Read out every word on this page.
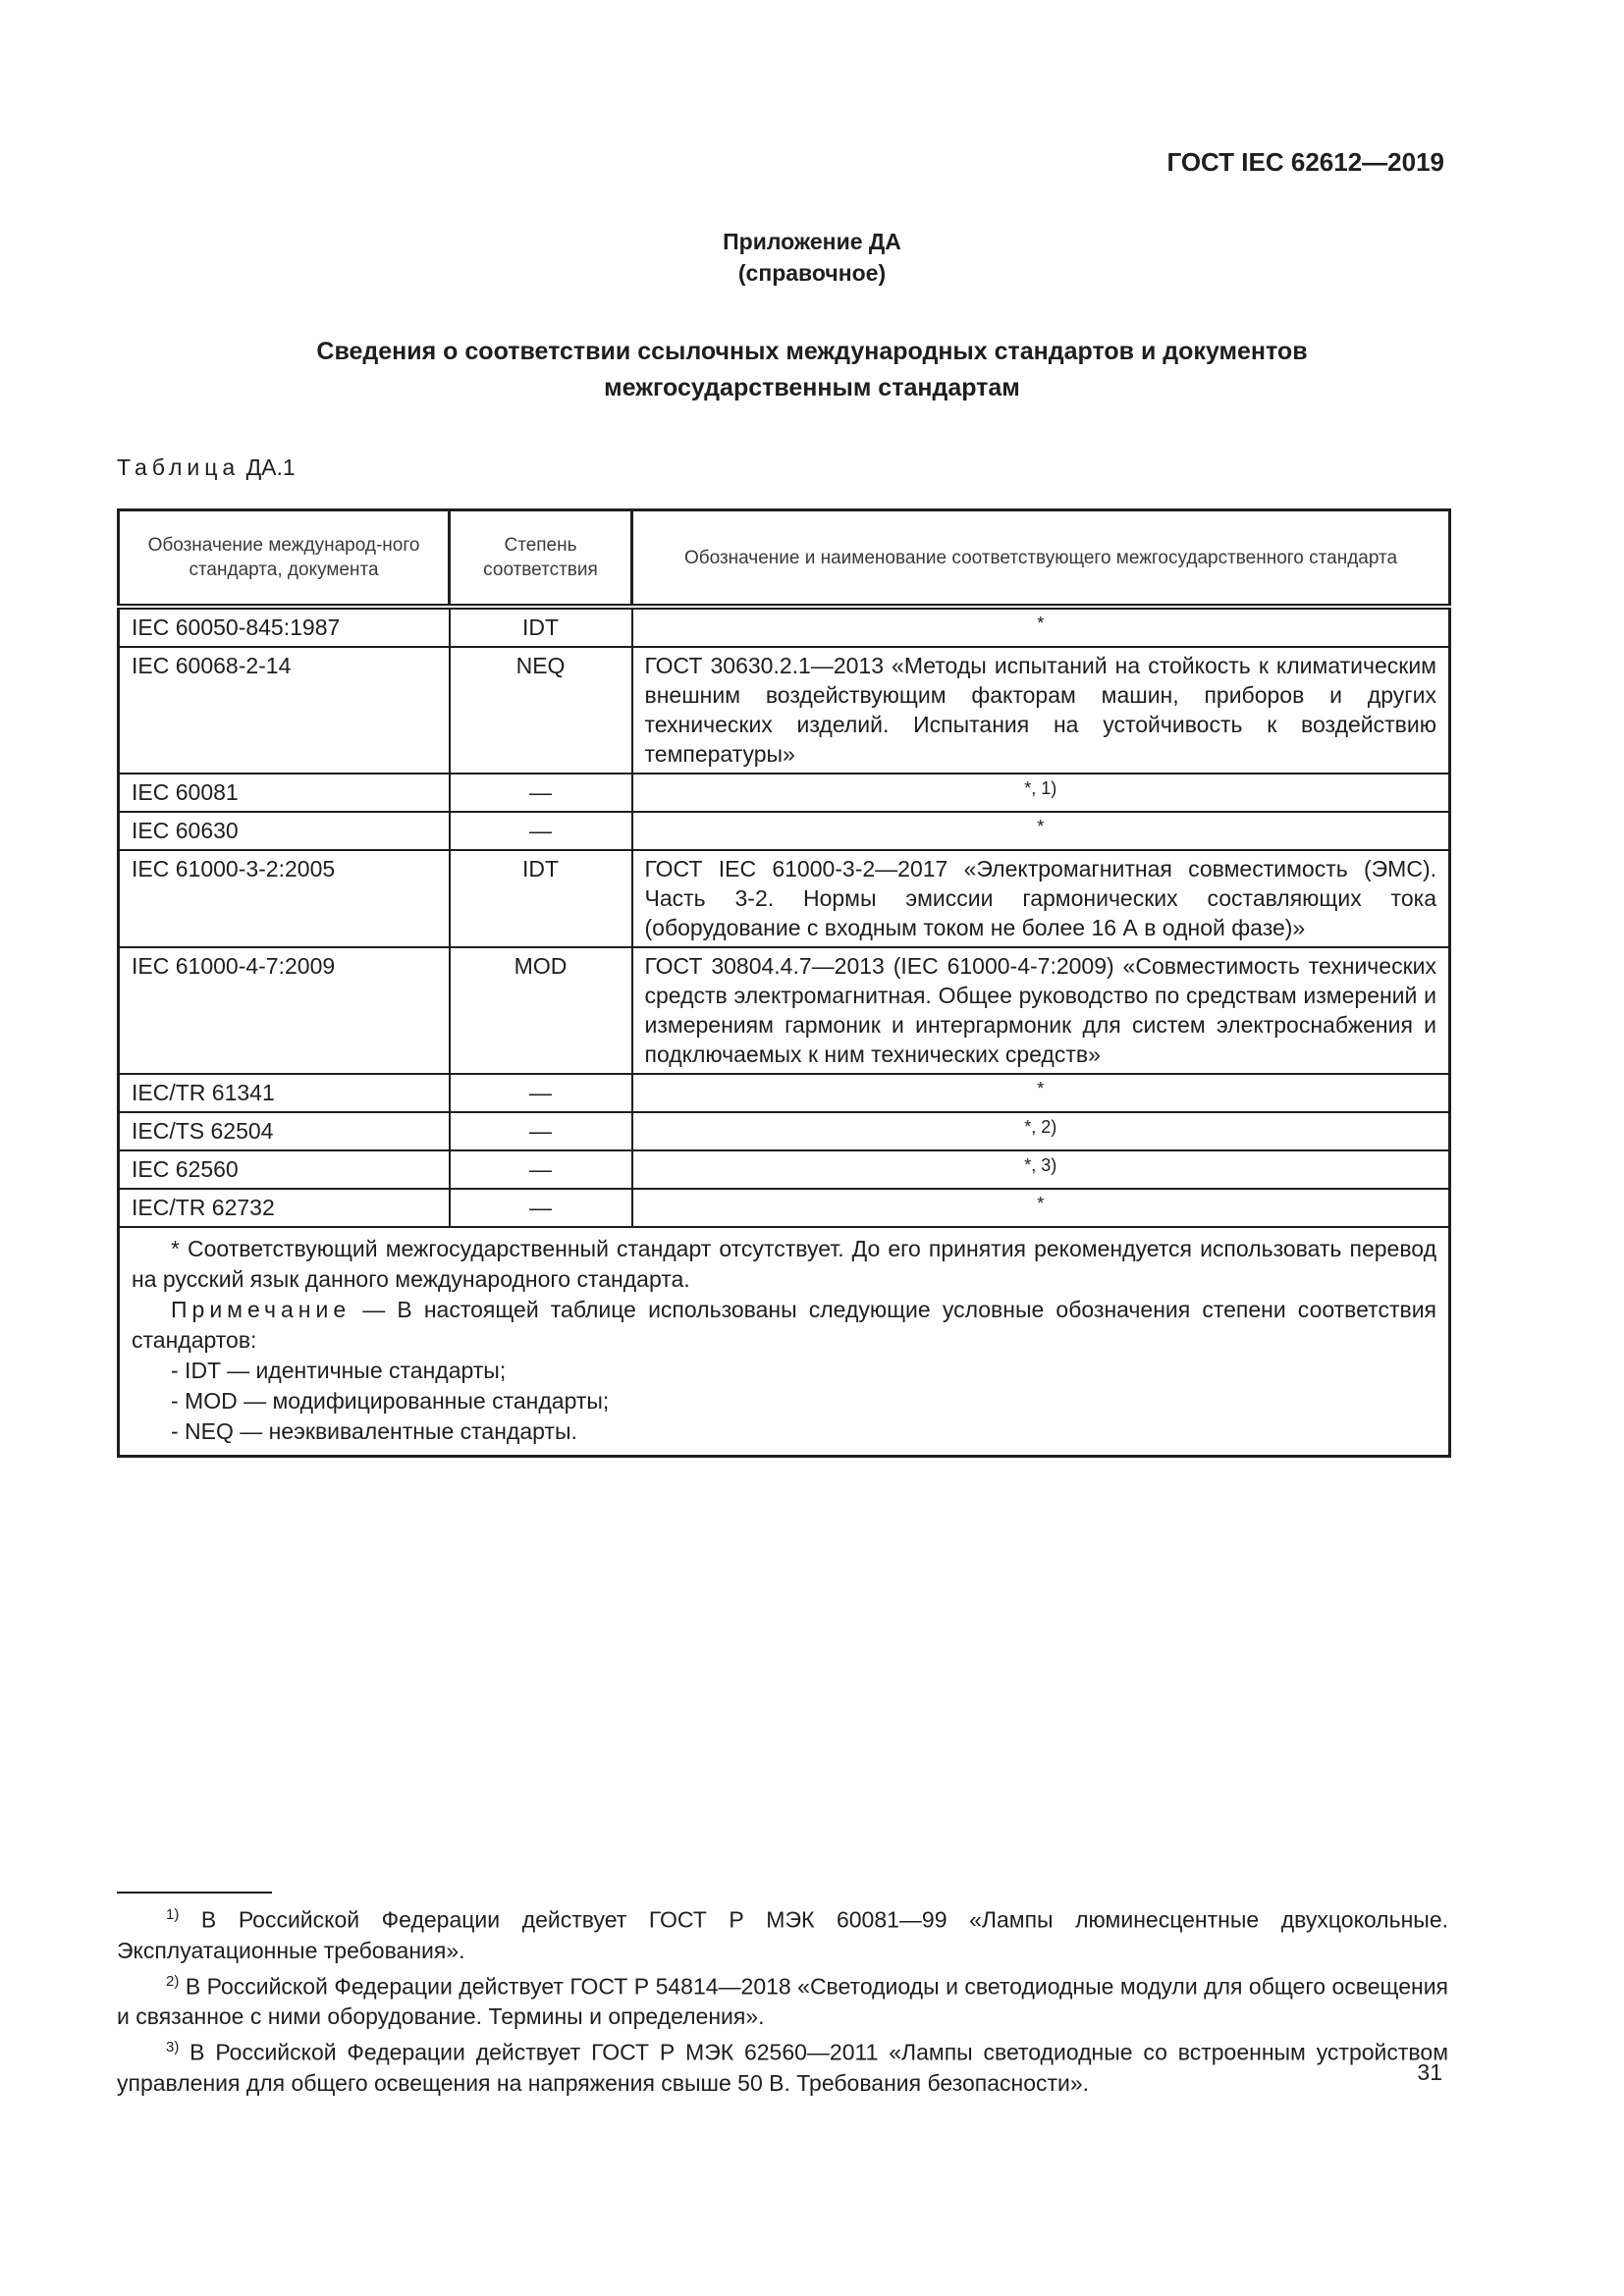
ГОСТ IEC 62612—2019
Приложение ДА
(справочное)
Сведения о соответствии ссылочных международных стандартов и документов
межгосударственным стандартам
Таблица ДА.1
Обозначение международ-ного стандарта, документа	Степень соответствия	Обозначение и наименование соответствующего межгосударственного стандарта
IEC 60050-845:1987	IDT	*
IEC 60068-2-14	NEQ	ГОСТ 30630.2.1—2013 «Методы испытаний на стойкость к климатическим внешним воздействующим факторам машин, приборов и других технических изделий. Испытания на устойчивость к воздействию температуры»
IEC 60081	—	*, 1)
IEC 60630	—	*
IEC 61000-3-2:2005	IDT	ГОСТ IEC 61000-3-2—2017 «Электромагнитная совместимость (ЭМС). Часть 3-2. Нормы эмиссии гармонических составляющих тока (оборудование с входным током не более 16 А в одной фазе)»
IEC 61000-4-7:2009	MOD	ГОСТ 30804.4.7—2013 (IEC 61000-4-7:2009) «Совместимость технических средств электромагнитная. Общее руководство по средствам измерений и измерениям гармоник и интергармоник для систем электроснабжения и подключаемых к ним технических средств»
IEC/TR 61341	—	*
IEC/TS 62504	—	*, 2)
IEC 62560	—	*, 3)
IEC/TR 62732	—	*

* Соответствующий межгосударственный стандарт отсутствует. До его принятия рекомендуется использовать перевод на русский язык данного международного стандарта.
Примечание — В настоящей таблице использованы следующие условные обозначения степени соответствия стандартов:
- IDT — идентичные стандарты;
- MOD — модифицированные стандарты;
- NEQ — неэквивалентные стандарты.		

$^{1)}$ В Российской Федерации действует ГОСТ Р МЭК 60081—99 «Лампы люминесцентные двухцокольные. Эксплуатационные требования».

$^{2)}$ В Российской Федерации действует ГОСТ Р 54814—2018 «Светодиоды и светодиодные модули для общего освещения и связанное с ними оборудование. Термины и определения».

$^{3)}$ В Российской Федерации действует ГОСТ Р МЭК 62560—2011 «Лампы светодиодные со встроенным устройством управления для общего освещения на напряжения свыше 50 В. Требования безопасности».	31
